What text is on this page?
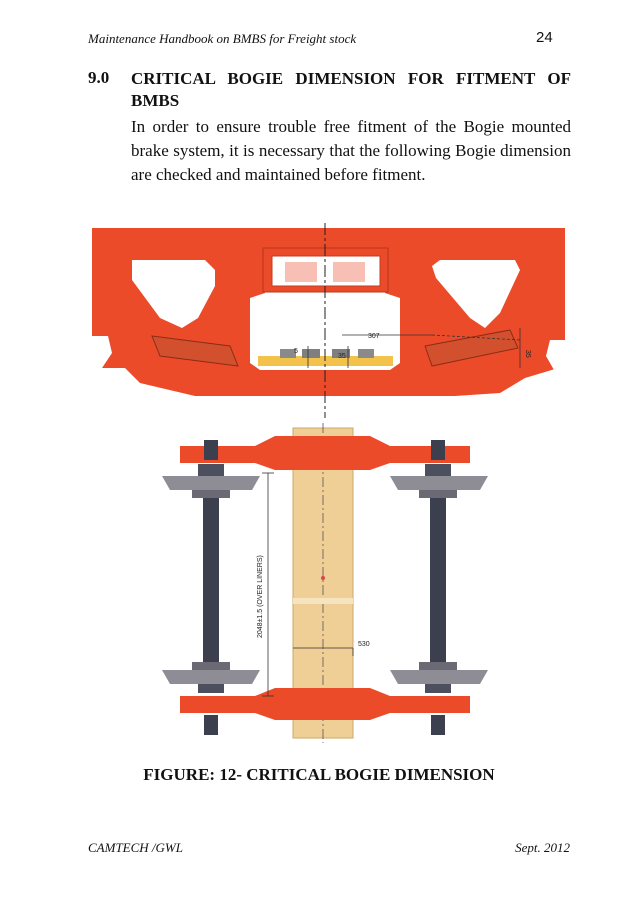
Maintenance Handbook on BMBS for Freight stock	24
9.0 CRITICAL BOGIE DIMENSION FOR FITMENT OF BMBS
In order to ensure trouble free fitment of the Bogie mounted brake system, it is necessary that the following Bogie dimension are checked and maintained before fitment.
307
35
5
35
2048±1.5 (OVER LINERS)
530
FIGURE: 12- CRITICAL BOGIE DIMENSION
CAMTECH /GWL	Sept. 2012
